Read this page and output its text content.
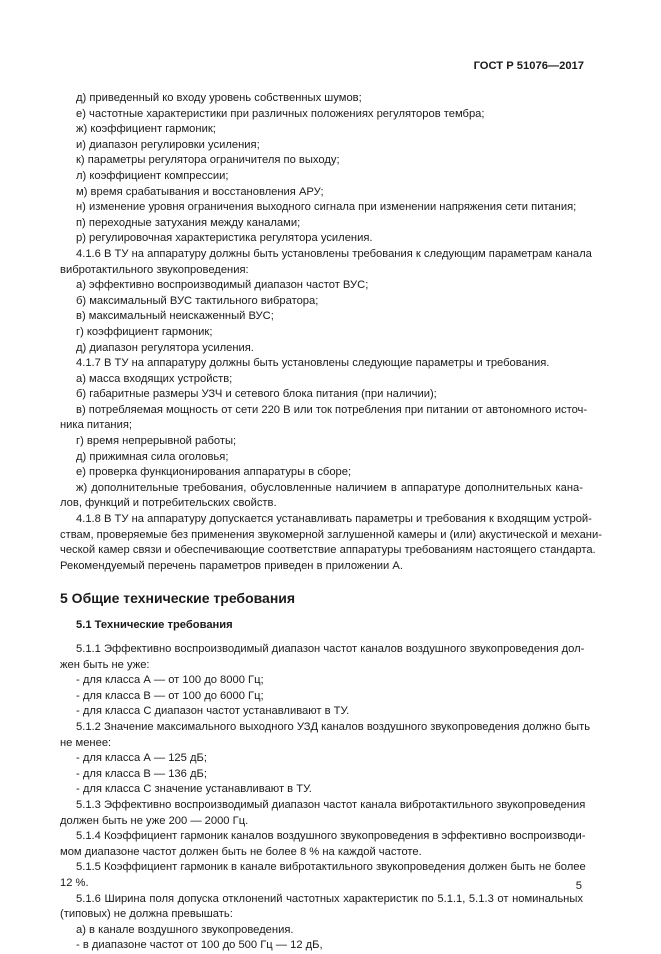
ГОСТ Р 51076—2017
д) приведенный ко входу уровень собственных шумов;
е) частотные характеристики при различных положениях регуляторов тембра;
ж) коэффициент гармоник;
и) диапазон регулировки усиления;
к) параметры регулятора ограничителя по выходу;
л) коэффициент компрессии;
м) время срабатывания и восстановления АРУ;
н) изменение уровня ограничения выходного сигнала при изменении напряжения сети питания;
п) переходные затухания между каналами;
р) регулировочная характеристика регулятора усиления.
4.1.6 В ТУ на аппаратуру должны быть установлены требования к следующим параметрам канала
вибротактильного звукопроведения:
а) эффективно воспроизводимый диапазон частот ВУС;
б) максимальный ВУС тактильного вибратора;
в) максимальный неискаженный ВУС;
г) коэффициент гармоник;
д) диапазон регулятора усиления.
4.1.7 В ТУ на аппаратуру должны быть установлены следующие параметры и требования.
а) масса входящих устройств;
б) габаритные размеры УЗЧ и сетевого блока питания (при наличии);
в) потребляемая мощность от сети 220 В или ток потребления при питании от автономного источ-
ника питания;
г) время непрерывной работы;
д) прижимная сила оголовья;
е) проверка функционирования аппаратуры в сборе;
ж) дополнительные требования, обусловленные наличием в аппаратуре дополнительных кана-
лов, функций и потребительских свойств.
4.1.8 В ТУ на аппаратуру допускается устанавливать параметры и требования к входящим устрой-
ствам, проверяемые без применения звукомерной заглушенной камеры и (или) акустической и механи-
ческой камер связи и обеспечивающие соответствие аппаратуры требованиям настоящего стандарта.
Рекомендуемый перечень параметров приведен в приложении А.
5 Общие технические требования
5.1 Технические требования
5.1.1 Эффективно воспроизводимый диапазон частот каналов воздушного звукопроведения дол-
жен быть не уже:
- для класса А — от 100 до 8000 Гц;
- для класса В — от 100 до 6000 Гц;
- для класса С диапазон частот устанавливают в ТУ.
5.1.2 Значение максимального выходного УЗД каналов воздушного звукопроведения должно быть
не менее:
- для класса А — 125 дБ;
- для класса В — 136 дБ;
- для класса С значение устанавливают в ТУ.
5.1.3 Эффективно воспроизводимый диапазон частот канала вибротактильного звукопроведения
должен быть не уже 200 — 2000 Гц.
5.1.4 Коэффициент гармоник каналов воздушного звукопроведения в эффективно воспроизводи-
мом диапазоне частот должен быть не более 8 % на каждой частоте.
5.1.5 Коэффициент гармоник в канале вибротактильного звукопроведения должен быть не более
12 %.
5.1.6 Ширина поля допуска отклонений частотных характеристик по 5.1.1, 5.1.3 от номинальных
(типовых) не должна превышать:
а) в канале воздушного звукопроведения.
- в диапазоне частот от 100 до 500 Гц — 12 дБ,
5
